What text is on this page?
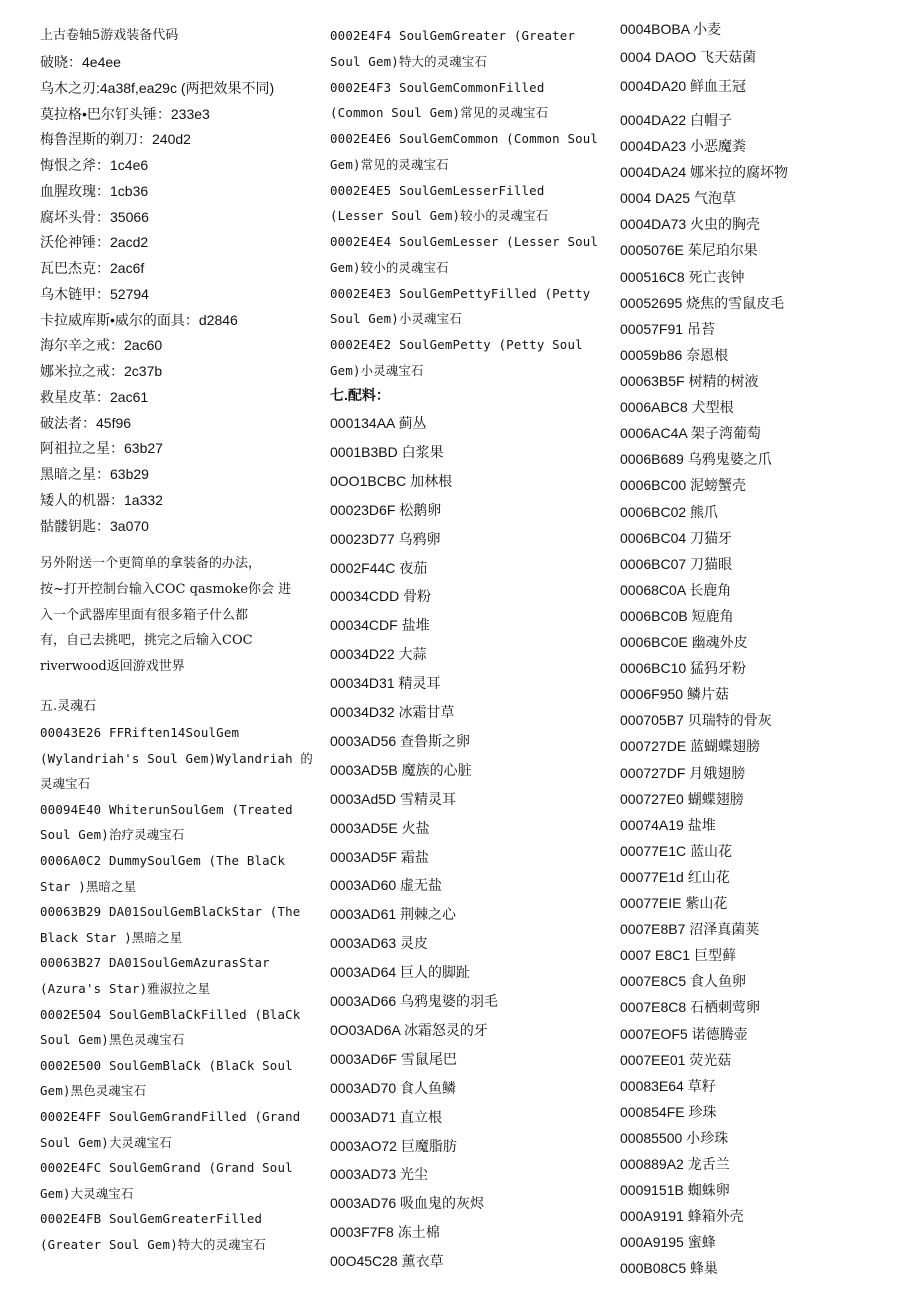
上古卷轴5游戏装备代码
破晓：4e4ee
乌木之刃:4a38f,ea29c (两把效果不同)
莫拉格•巴尔钉头锤：233e3
梅鲁涅斯的剃刀：240d2
悔恨之斧：1c4e6
血腥玫瑰：1cb36
腐坏头骨：35066
沃伦神锤：2acd2
瓦巴杰克：2ac6f
乌木链甲：52794
卡拉威库斯•威尔的面具：d2846
海尔辛之戒：2ac60
娜米拉之戒：2c37b
救星皮革：2ac61
破法者：45f96
阿祖拉之星：63b27
黑暗之星：63b29
矮人的机器：1a332
骷髅钥匙：3a070
另外附送一个更简单的拿装备的办法，
按~打开控制台输入COC qasmoke你会 进
入一个武器库里面有很多箱子什么都
有，自己去挑吧，挑完之后输入COC
riverwood返回游戏世界
五.灵魂石
00043E26 FFRiften14SoulGem
(Wylandriah's Soul Gem)Wylandriah 的
灵魂宝石
00094E40 WhiterunSoulGem (Treated
Soul Gem)治疗灵魂宝石
0006A0C2 DummySoulGem (The BlaCk
Star )黑暗之星
00063B29 DA01SoulGemBlaCkStar (The
Black Star )黑暗之星
00063B27 DA01SoulGemAzurasStar
(Azura's Star)雅淑拉之星
0002E504 SoulGemBlaCkFilled (BlaCk
Soul Gem)黑色灵魂宝石
0002E500 SoulGemBlaCk (BlaCk Soul
Gem)黑色灵魂宝石
0002E4FF SoulGemGrandFilled (Grand
Soul Gem)大灵魂宝石
0002E4FC SoulGemGrand (Grand Soul
Gem)大灵魂宝石
0002E4FB SoulGemGreaterFilled
(Greater Soul Gem)特大的灵魂宝石
0002E4F4 SoulGemGreater (Greater
Soul Gem)特大的灵魂宝石
0002E4F3 SoulGemCommonFilled
(Common Soul Gem)常见的灵魂宝石
0002E4E6 SoulGemCommon (Common Soul
Gem)常见的灵魂宝石
0002E4E5 SoulGemLesserFilled
(Lesser Soul Gem)较小的灵魂宝石
0002E4E4 SoulGemLesser (Lesser Soul
Gem)较小的灵魂宝石
0002E4E3 SoulGemPettyFilled (Petty
Soul Gem)小灵魂宝石
0002E4E2 SoulGemPetty (Petty Soul
Gem)小灵魂宝石
七.配料：
000134AA 蓟丛
0001B3BD 白浆果
0OO1BCBC 加林根
00023D6F 松鹅卵
00023D77 乌鸦卵
0002F44C 夜茄
00034CDD 骨粉
00034CDF 盐堆
00034D22 大蒜
00034D31 精灵耳
00034D32 冰霜甘草
0003AD56 查鲁斯之卵
0003AD5B 魔族的心脏
0003Ad5D 雪精灵耳
0003AD5E 火盐
0003AD5F 霜盐
0003AD60 虚无盐
0003AD61 荆棘之心
0003AD63 灵皮
0003AD64 巨人的脚趾
0003AD66 乌鸦鬼婆的羽毛
0O03AD6A 冰霜怒灵的牙
0003AD6F 雪鼠尾巴
0003AD70 食人鱼鳞
0003AD71 直立根
0003AO72 巨魔脂肪
0003AD73 光尘
0003AD76 吸血鬼的灰烬
0003F7F8 冻土棉
00O45C28 薰衣草
0004BOBA 小麦
0004 DAOO 飞天菇菌
0004DA20 鲜血王冠
0004DA22 白帽子
0004DA23 小恶魔粪
0004DA24 娜米拉的腐坏物
0004 DA25 气泡草
0004DA73 火虫的胸壳
0005076E 茱尼珀尔果
000516C8 死亡丧钟
00052695 烧焦的雪鼠皮毛
00057F91 吊苔
00059b86 奈恩根
00063B5F 树精的树液
0006ABC8 犬型根
0006AC4A 架子湾葡萄
0006B689 乌鸦鬼婆之爪
0006BC00 泥螃蟹壳
0006BC02 熊爪
0006BC04 刀猫牙
0006BC07 刀猫眼
00068C0A 长鹿角
0006BC0B 短鹿角
0006BC0E 幽魂外皮
0006BC10 猛犸牙粉
0006F950 鳞片菇
000705B7 贝瑞特的骨灰
000727DE 蓝蝴蝶翅膀
000727DF 月娥翅膀
000727E0 蝴蝶翅膀
00074A19 盐堆
00077E1C 蓝山花
00077E1d 红山花
00077EIE 紫山花
0007E8B7 沼泽真菌荚
0007 E8C1 巨型藓
0007E8C5 食人鱼卵
0007E8C8 石栖刺莺卵
0007EOF5 诺德腾壶
0007EE01 荧光菇
00083E64 草籽
000854FE 珍珠
00085500 小珍珠
000889A2 龙舌兰
0009151B 蜘蛛卵
000A9191 蜂箱外壳
000A9195 蜜蜂
000B08C5 蜂巢
